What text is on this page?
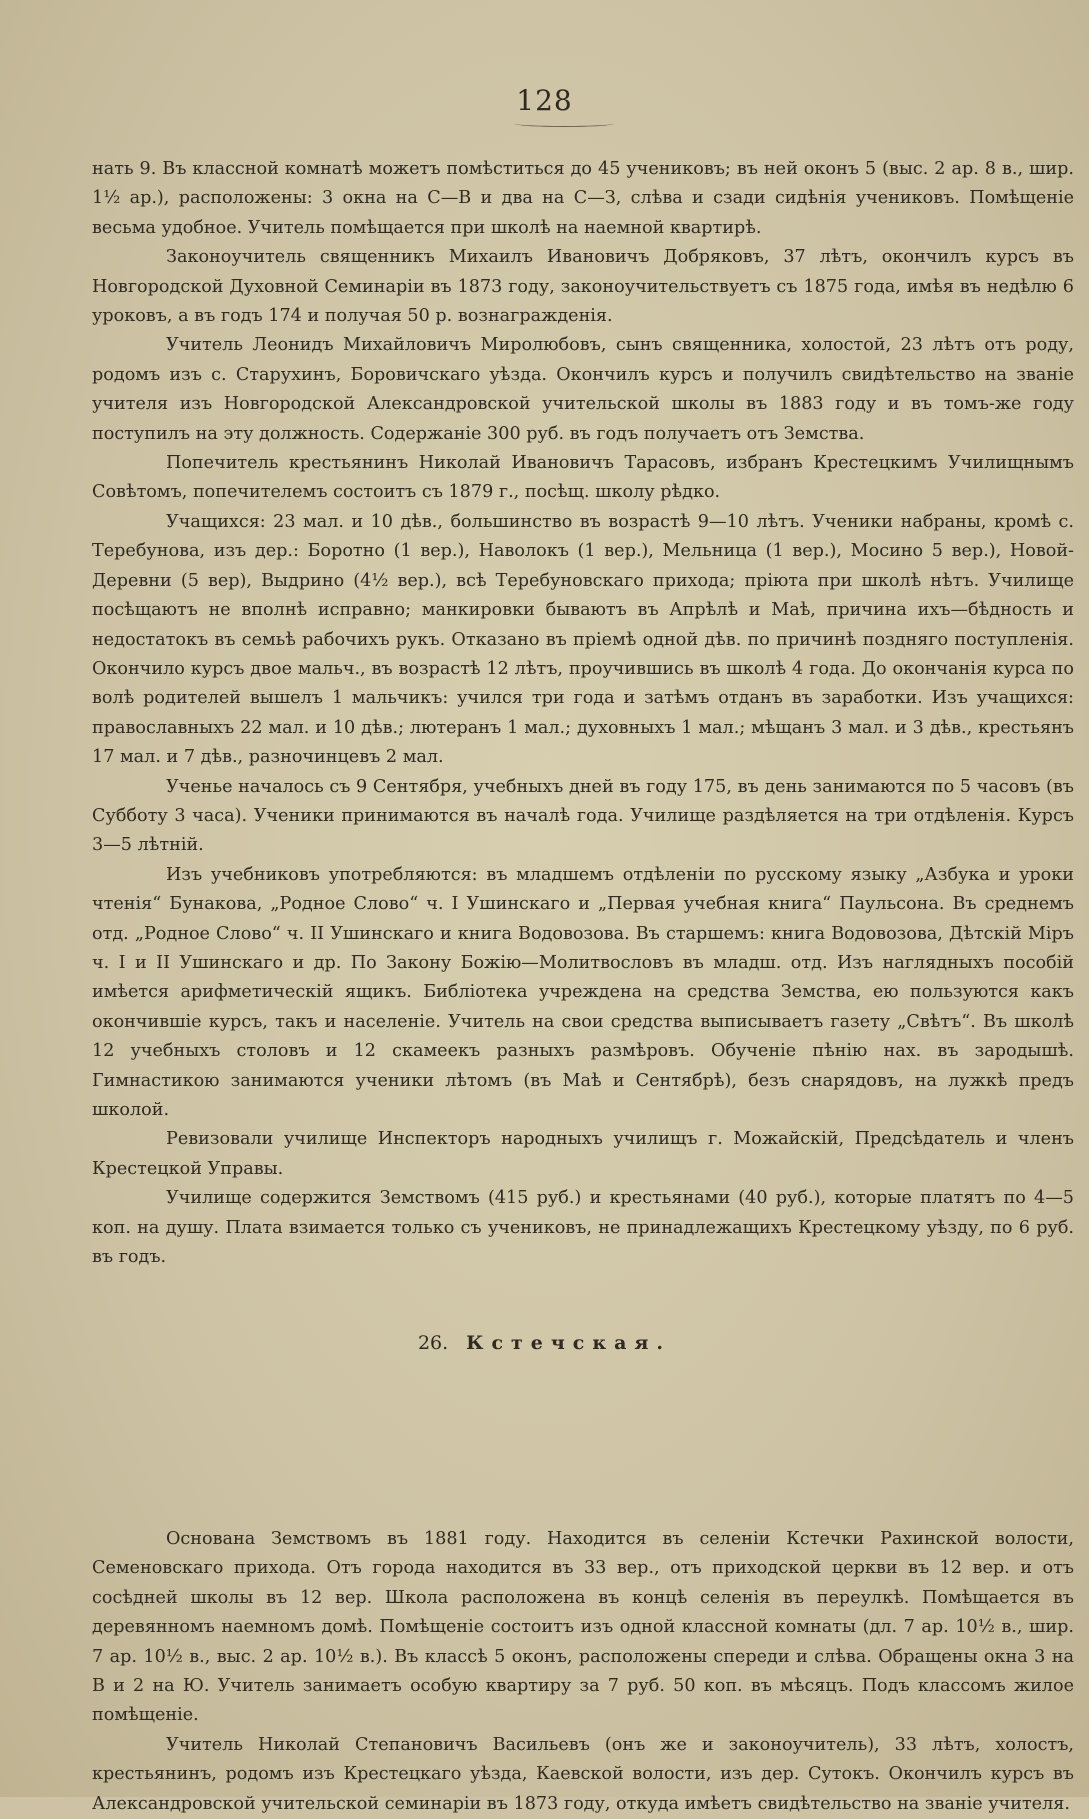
128

нать 9. Въ классной комнатѣ можетъ помѣститься до 45 учениковъ; въ ней оконъ 5 (выс. 2 ар. 8 в., шир. 1½ ар.), расположены: 3 окна на С—В и два на С—З, слѣва и сзади сидѣнія учениковъ. Помѣщеніе весьма удобное. Учитель помѣщается при школѣ на наемной квартирѣ.

Законоучитель священникъ Михаилъ Ивановичъ Добряковъ, 37 лѣтъ, окончилъ курсъ въ Новгородской Духовной Семинаріи въ 1873 году, законоучительствуетъ съ 1875 года, имѣя въ недѣлю 6 уроковъ, а въ годъ 174 и получая 50 р. вознагражденія.

Учитель Леонидъ Михайловичъ Миролюбовъ, сынъ священника, холостой, 23 лѣтъ отъ роду, родомъ изъ с. Старухинъ, Боровичскаго уѣзда. Окончилъ курсъ и получилъ свидѣтельство на званіе учителя изъ Новгородской Александровской учительской школы въ 1883 году и въ томъ-же году поступилъ на эту должность. Содержаніе 300 руб. въ годъ получаетъ отъ Земства.

Попечитель крестьянинъ Николай Ивановичъ Тарасовъ, избранъ Крестецкимъ Училищнымъ Совѣтомъ, попечителемъ состоитъ съ 1879 г., посѣщ. школу рѣдко.

Учащихся: 23 мал. и 10 дѣв., большинство въ возрастѣ 9—10 лѣтъ. Ученики набраны, кромѣ с. Теребунова, изъ дер.: Боротно (1 вер.), Наволокъ (1 вер.), Мельница (1 вер.), Мосино 5 вер.), Новой-Деревни (5 вер), Выдрино (4½ вер.), всѣ Теребуновскаго прихода; пріюта при школѣ нѣтъ. Училище посѣщаютъ не вполнѣ исправно; манкировки бываютъ въ Апрѣлѣ и Маѣ, причина ихъ—бѣдность и недостатокъ въ семьѣ рабочихъ рукъ. Отказано въ пріемѣ одной дѣв. по причинѣ поздняго поступленія. Окончило курсъ двое мальч., въ возрастѣ 12 лѣтъ, проучившись въ школѣ 4 года. До окончанія курса по волѣ родителей вышелъ 1 мальчикъ: учился три года и затѣмъ отданъ въ заработки. Изъ учащихся: православныхъ 22 мал. и 10 дѣв.; лютеранъ 1 мал.; духовныхъ 1 мал.; мѣщанъ 3 мал. и 3 дѣв., крестьянъ 17 мал. и 7 дѣв., разночинцевъ 2 мал.

Ученье началось съ 9 Сентября, учебныхъ дней въ году 175, въ день занимаются по 5 часовъ (въ Субботу 3 часа). Ученики принимаются въ началѣ года. Училище раздѣляется на три отдѣленія. Курсъ 3—5 лѣтній.

Изъ учебниковъ употребляются: въ младшемъ отдѣленіи по русскому языку „Азбука и уроки чтенія“ Бунакова, „Родное Слово“ ч. I Ушинскаго и „Первая учебная книга“ Паульсона. Въ среднемъ отд. „Родное Слово“ ч. II Ушинскаго и книга Водовозова. Въ старшемъ: книга Водовозова, Дѣтскій Міръ ч. I и II Ушинскаго и др. По Закону Божію—Молитвословъ въ младш. отд. Изъ наглядныхъ пособій имѣется арифметическій ящикъ. Библіотека учреждена на средства Земства, ею пользуются какъ окончившіе курсъ, такъ и населеніе. Учитель на свои средства выписываетъ газету „Свѣтъ“. Въ школѣ 12 учебныхъ столовъ и 12 скамеекъ разныхъ размѣровъ. Обученіе пѣнію нах. въ зародышѣ. Гимнастикою занимаются ученики лѣтомъ (въ Маѣ и Сентябрѣ), безъ снарядовъ, на лужкѣ предъ школой.

Ревизовали училище Инспекторъ народныхъ училищъ г. Можайскій, Предсѣдатель и членъ Крестецкой Управы.

Училище содержится Земствомъ (415 руб.) и крестьянами (40 руб.), которые платятъ по 4—5 коп. на душу. Плата взимается только съ учениковъ, не принадлежащихъ Крестецкому уѣзду, по 6 руб. въ годъ.

26. Кстечская.

Основана Земствомъ въ 1881 году. Находится въ селеніи Кстечки Рахинской волости, Семеновскаго прихода. Отъ города находится въ 33 вер., отъ приходской церкви въ 12 вер. и отъ сосѣдней школы въ 12 вер. Школа расположена въ концѣ селенія въ переулкѣ. Помѣщается въ деревянномъ наемномъ домѣ. Помѣщеніе состоитъ изъ одной классной комнаты (дл. 7 ар. 10½ в., шир. 7 ар. 10½ в., выс. 2 ар. 10½ в.). Въ классѣ 5 оконъ, расположены спереди и слѣва. Обращены окна 3 на В и 2 на Ю. Учитель занимаетъ особую квартиру за 7 руб. 50 коп. въ мѣсяцъ. Подъ классомъ жилое помѣщеніе.

Учитель Николай Степановичъ Васильевъ (онъ же и законоучитель), 33 лѣтъ, холостъ, крестьянинъ, родомъ изъ Крестецкаго уѣзда, Каевской волости, изъ дер. Сутокъ. Окончилъ курсъ въ Александровской учительской семинаріи въ 1873 году, откуда имѣетъ свидѣтельство на званіе учителя.
